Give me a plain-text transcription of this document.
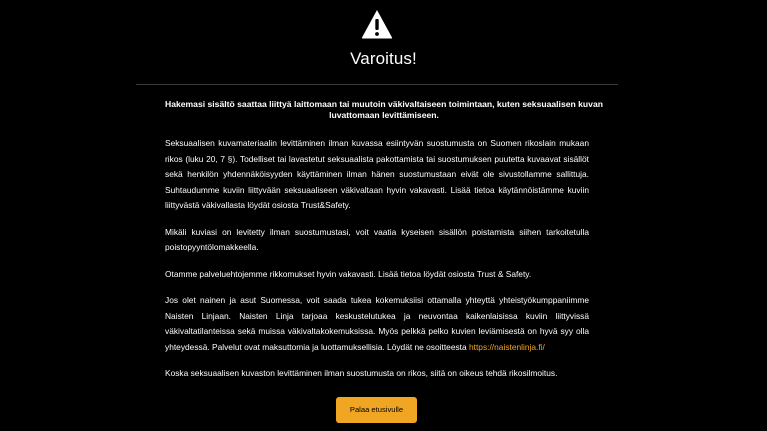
Varoitus!
Hakemasi sisältö saattaa liittyä laittomaan tai muutoin väkivaltaiseen toimintaan, kuten seksuaalisen kuvan luvattomaan levittämiseen.

Seksuaalisen kuvamateriaalin levittäminen ilman kuvassa esiintyvän suostumusta on Suomen rikoslain mukaan rikos (luku 20, 7 §). Todelliset tai lavastetut seksuaalista pakottamista tai suostumuksen puutetta kuvaavat sisällöt sekä henkilön yhdennäköisyyden käyttäminen ilman hänen suostumustaan eivät ole sivustollamme sallittuja. Suhtaudumme kuviin liittyvään seksuaaliseen väkivaltaan hyvin vakavasti. Lisää tietoa käytännöistämme kuviin liittyvästä väkivallasta löydät osiosta Trust&Safety.

Mikäli kuviasi on levitetty ilman suostumustasi, voit vaatia kyseisen sisällön poistamista siihen tarkoitetulla poistopyyntölomakkeella.

Otamme palveluehtojemme rikkomukset hyvin vakavasti. Lisää tietoa löydät osiosta Trust & Safety.

Jos olet nainen ja asut Suomessa, voit saada tukea kokemuksiisi ottamalla yhteyttä yhteistyökumppaniimme Naisten Linjaan. Naisten Linja tarjoaa keskustelutukea ja neuvontaa kaikenlaisissa kuviin liittyvissä väkivaltatilanteissa sekä muissa väkivaltakokemuksissa. Myös pelkkä pelko kuvien leviämisestä on hyvä syy olla yhteydessä. Palvelut ovat maksuttomia ja luottamuksellisia. Löydät ne osoitteesta https://naistenlinja.fi/

Koska seksuaalisen kuvaston levittäminen ilman suostumusta on rikos, siitä on oikeus tehdä rikosilmoitus.

Palaa etusivulle
